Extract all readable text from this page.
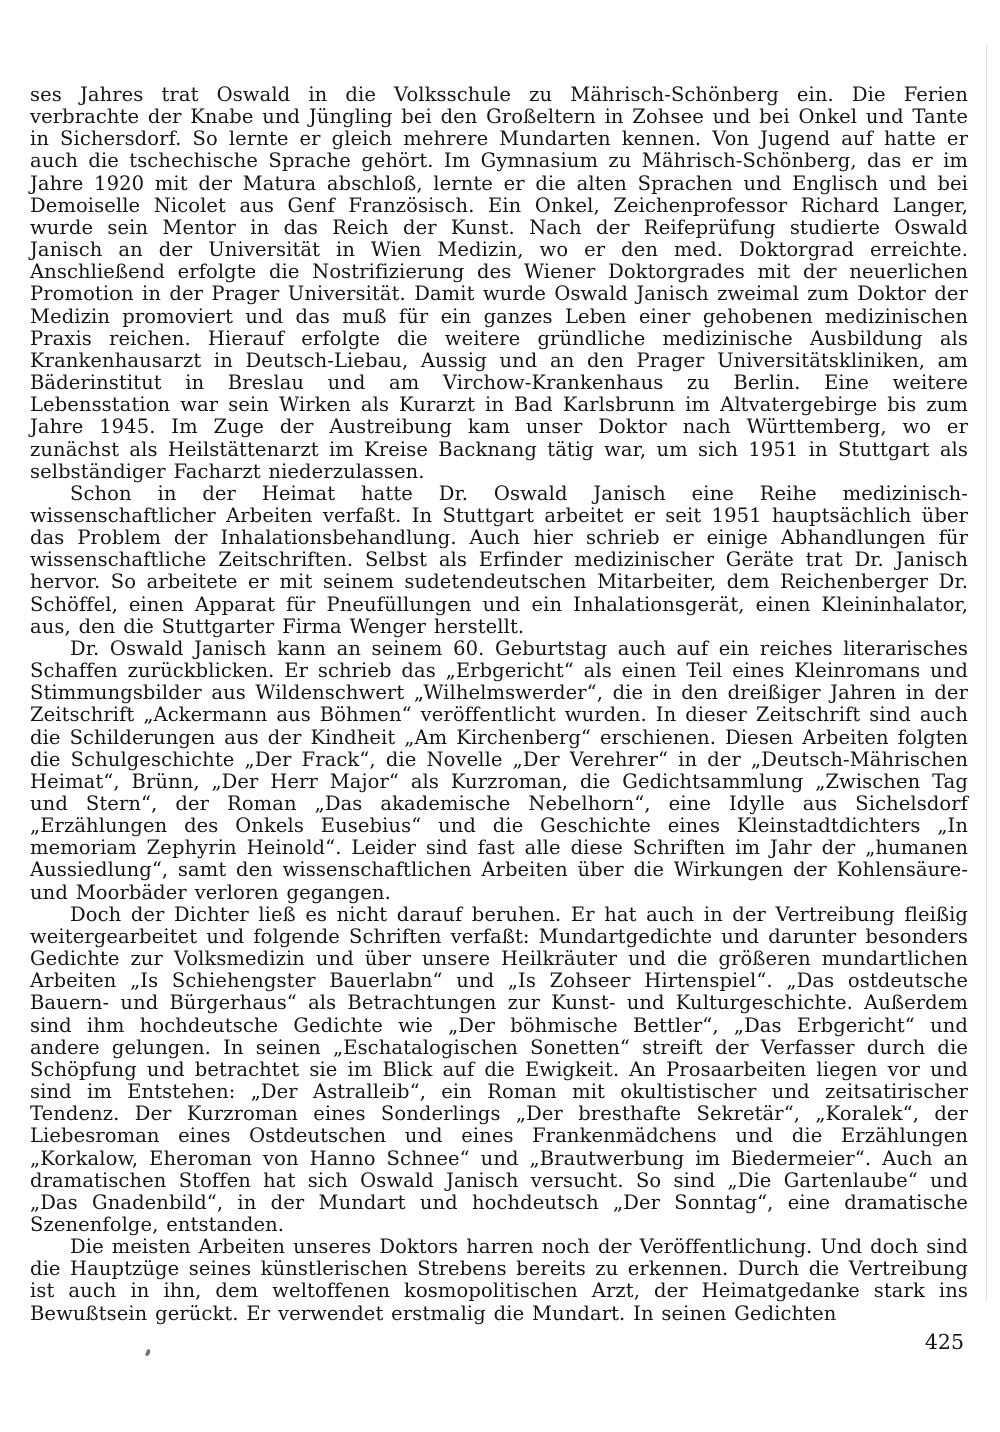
ses Jahres trat Oswald in die Volksschule zu Mährisch-Schönberg ein. Die Ferien verbrachte der Knabe und Jüngling bei den Großeltern in Zohsee und bei Onkel und Tante in Sichersdorf. So lernte er gleich mehrere Mundarten kennen. Von Jugend auf hatte er auch die tschechische Sprache gehört. Im Gymnasium zu Mährisch-Schönberg, das er im Jahre 1920 mit der Matura abschloß, lernte er die alten Sprachen und Englisch und bei Demoiselle Nicolet aus Genf Französisch. Ein Onkel, Zeichenprofessor Richard Langer, wurde sein Mentor in das Reich der Kunst. Nach der Reifeprüfung studierte Oswald Janisch an der Universität in Wien Medizin, wo er den med. Doktorgrad erreichte. Anschließend erfolgte die Nostrifizierung des Wiener Doktorgrades mit der neuerlichen Promotion in der Prager Universität. Damit wurde Oswald Janisch zweimal zum Doktor der Medizin promoviert und das muß für ein ganzes Leben einer gehobenen medizinischen Praxis reichen. Hierauf erfolgte die weitere gründliche medizinische Ausbildung als Krankenhausarzt in Deutsch-Liebau, Aussig und an den Prager Universitätskliniken, am Bäderinstitut in Breslau und am Virchow-Krankenhaus zu Berlin. Eine weitere Lebensstation war sein Wirken als Kurarzt in Bad Karlsbrunn im Altvatergebirge bis zum Jahre 1945. Im Zuge der Austreibung kam unser Doktor nach Württemberg, wo er zunächst als Heilstättenarzt im Kreise Backnang tätig war, um sich 1951 in Stuttgart als selbständiger Facharzt niederzulassen.

Schon in der Heimat hatte Dr. Oswald Janisch eine Reihe medizinisch-wissenschaftlicher Arbeiten verfaßt. In Stuttgart arbeitet er seit 1951 hauptsächlich über das Problem der Inhalationsbehandlung. Auch hier schrieb er einige Abhandlungen für wissenschaftliche Zeitschriften. Selbst als Erfinder medizinischer Geräte trat Dr. Janisch hervor. So arbeitete er mit seinem sudetendeutschen Mitarbeiter, dem Reichenberger Dr. Schöffel, einen Apparat für Pneufüllungen und ein Inhalationsgerät, einen Kleininhalator, aus, den die Stuttgarter Firma Wenger herstellt.

Dr. Oswald Janisch kann an seinem 60. Geburtstag auch auf ein reiches literarisches Schaffen zurückblicken. Er schrieb das „Erbgericht“ als einen Teil eines Kleinromans und Stimmungsbilder aus Wildenschwert „Wilhelmswerder“, die in den dreißiger Jahren in der Zeitschrift „Ackermann aus Böhmen“ veröffentlicht wurden. In dieser Zeitschrift sind auch die Schilderungen aus der Kindheit „Am Kirchenberg“ erschienen. Diesen Arbeiten folgten die Schulgeschichte „Der Frack“, die Novelle „Der Verehrer“ in der „Deutsch-Mährischen Heimat“, Brünn, „Der Herr Major“ als Kurzroman, die Gedichtsammlung „Zwischen Tag und Stern“, der Roman „Das akademische Nebelhorn“, eine Idylle aus Sichelsdorf „Erzählungen des Onkels Eusebius“ und die Geschichte eines Kleinstadtdichters „In memoriam Zephyrin Heinold“. Leider sind fast alle diese Schriften im Jahr der „humanen Aussiedlung“, samt den wissenschaftlichen Arbeiten über die Wirkungen der Kohlensäure- und Moorbäder verloren gegangen.

Doch der Dichter ließ es nicht darauf beruhen. Er hat auch in der Vertreibung fleißig weitergearbeitet und folgende Schriften verfaßt: Mundartgedichte und darunter besonders Gedichte zur Volksmedizin und über unsere Heilkräuter und die größeren mundartlichen Arbeiten „Is Schiehengster Bauerlabn“ und „Is Zohseer Hirtenspiel“. „Das ostdeutsche Bauern- und Bürgerhaus“ als Betrachtungen zur Kunst- und Kulturgeschichte. Außerdem sind ihm hochdeutsche Gedichte wie „Der böhmische Bettler“, „Das Erbgericht“ und andere gelungen. In seinen „Eschatalogischen Sonetten“ streift der Verfasser durch die Schöpfung und betrachtet sie im Blick auf die Ewigkeit. An Prosaarbeiten liegen vor und sind im Entstehen: „Der Astralleib“, ein Roman mit okultistischer und zeitsatirischer Tendenz. Der Kurzroman eines Sonderlings „Der bresthafte Sekretär“, „Koralek“, der Liebesroman eines Ostdeutschen und eines Frankenmädchens und die Erzählungen „Korkalow, Eheroman von Hanno Schnee“ und „Brautwerbung im Biedermeier“. Auch an dramatischen Stoffen hat sich Oswald Janisch versucht. So sind „Die Gartenlaube“ und „Das Gnadenbild“, in der Mundart und hochdeutsch „Der Sonntag“, eine dramatische Szenenfolge, entstanden.

Die meisten Arbeiten unseres Doktors harren noch der Veröffentlichung. Und doch sind die Hauptzüge seines künstlerischen Strebens bereits zu erkennen. Durch die Vertreibung ist auch in ihn, dem weltoffenen kosmopolitischen Arzt, der Heimatgedanke stark ins Bewußtsein gerückt. Er verwendet erstmalig die Mundart. In seinen Gedichten

425
